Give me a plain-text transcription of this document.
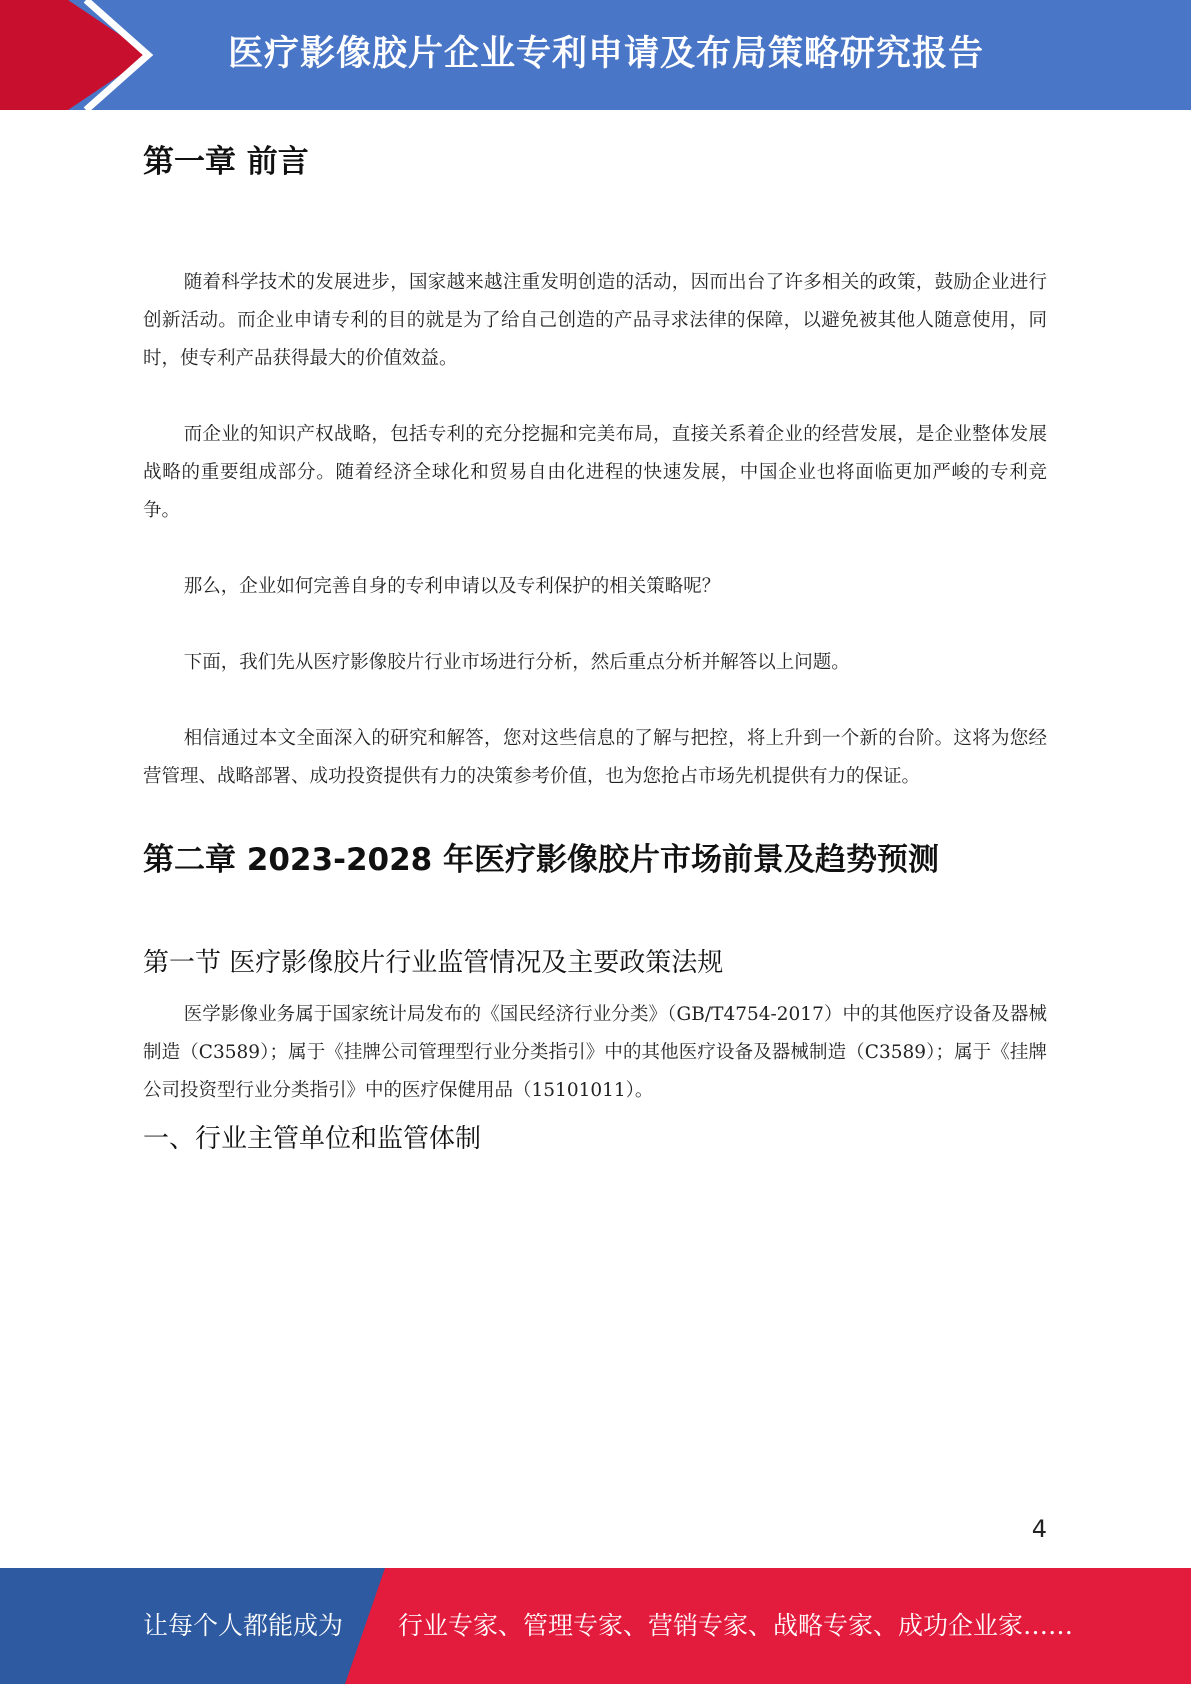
医疗影像胶片企业专利申请及布局策略研究报告
第一章 前言

随着科学技术的发展进步，国家越来越注重发明创造的活动，因而出台了许多相关的政策，鼓励企业进行创新活动。而企业申请专利的目的就是为了给自己创造的产品寻求法律的保障，以避免被其他人随意使用，同时，使专利产品获得最大的价值效益。

而企业的知识产权战略，包括专利的充分挖掘和完美布局，直接关系着企业的经营发展，是企业整体发展战略的重要组成部分。随着经济全球化和贸易自由化进程的快速发展，中国企业也将面临更加严峻的专利竞争。

那么，企业如何完善自身的专利申请以及专利保护的相关策略呢？

下面，我们先从医疗影像胶片行业市场进行分析，然后重点分析并解答以上问题。

相信通过本文全面深入的研究和解答，您对这些信息的了解与把控，将上升到一个新的台阶。这将为您经营管理、战略部署、成功投资提供有力的决策参考价值，也为您抢占市场先机提供有力的保证。

第二章 2023-2028 年医疗影像胶片市场前景及趋势预测
第一节 医疗影像胶片行业监管情况及主要政策法规

医学影像业务属于国家统计局发布的《国民经济行业分类》（GB/T4754-2017）中的其他医疗设备及器械制造（C3589）；属于《挂牌公司管理型行业分类指引》中的其他医疗设备及器械制造（C3589）；属于《挂牌公司投资型行业分类指引》中的医疗保健用品（15101011）。

一、行业主管单位和监管体制
4
让每个人都能成为 行业专家、管理专家、营销专家、战略专家、成功企业家……
